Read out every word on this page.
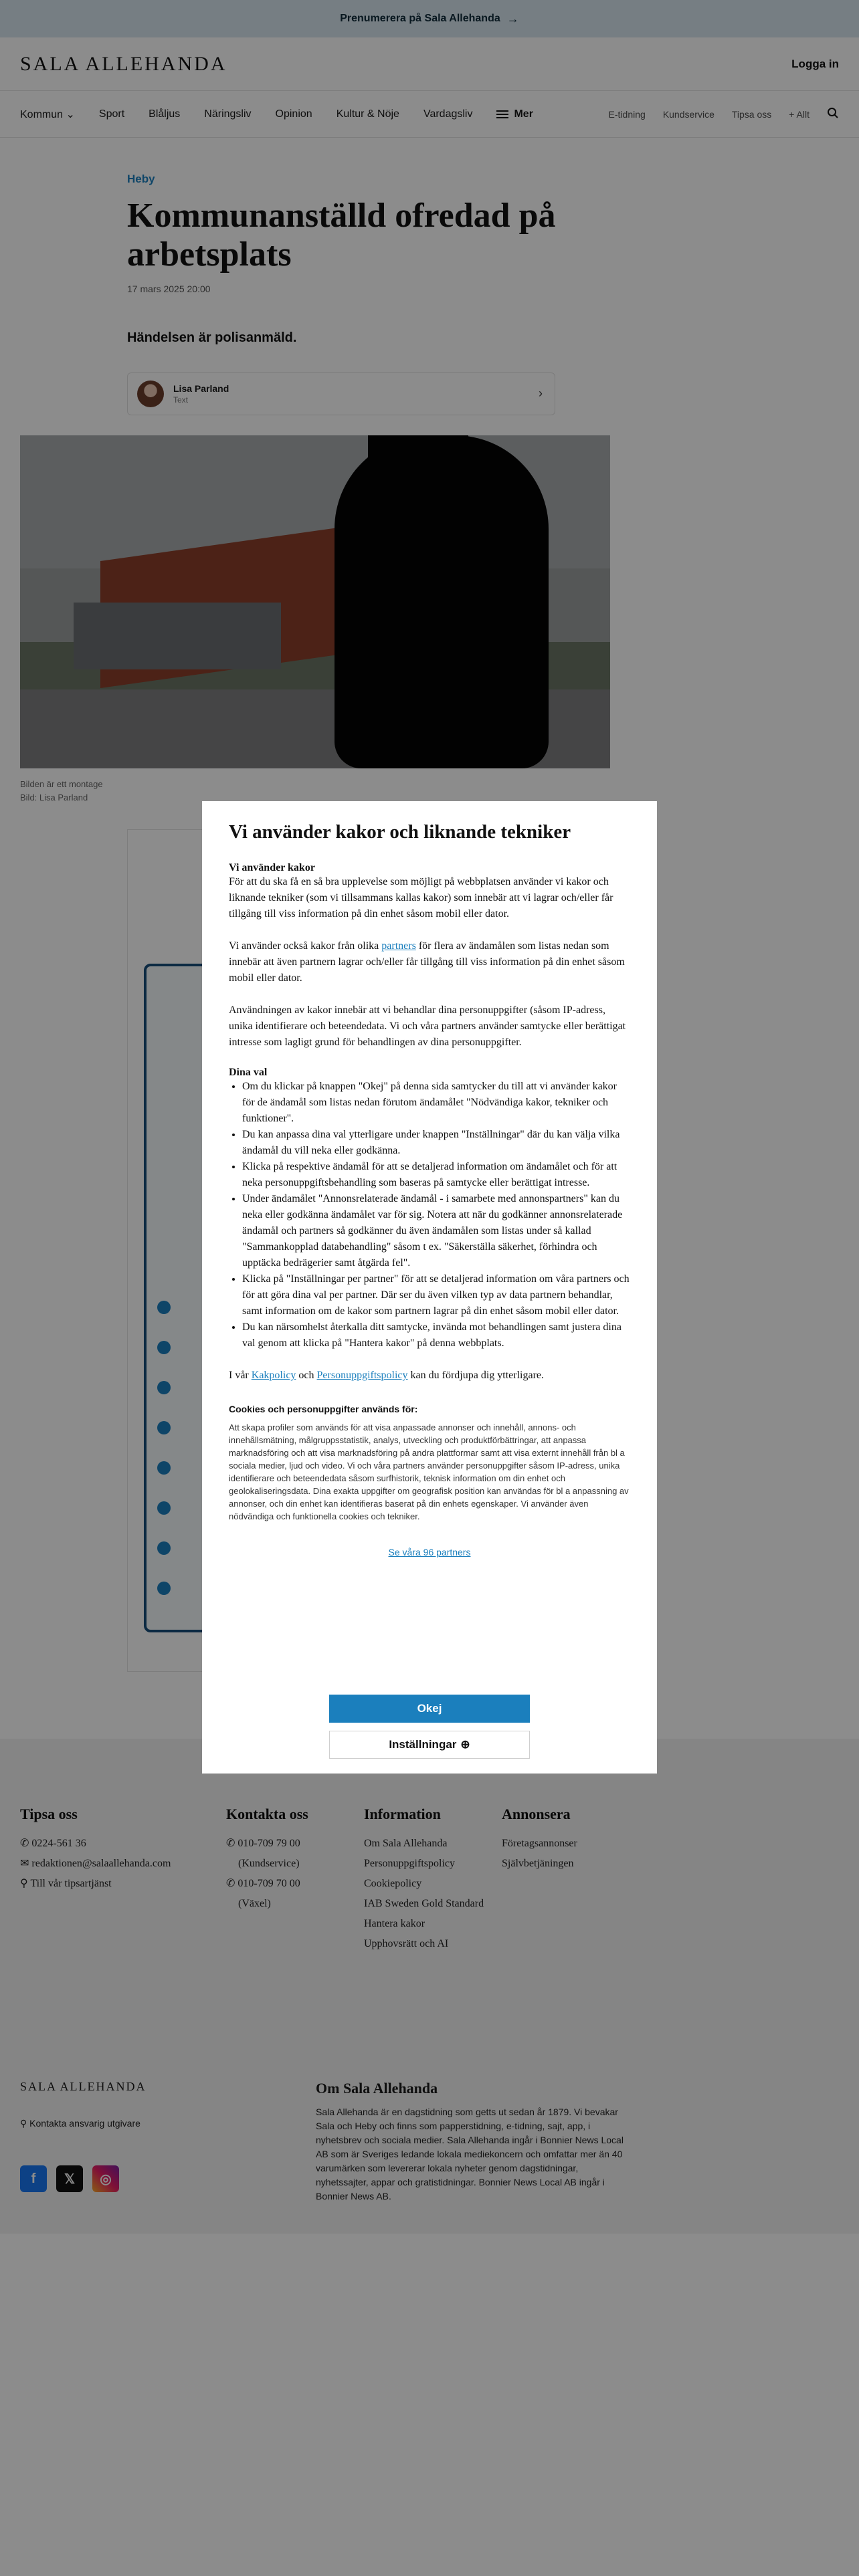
Prenumerera på Sala Allehanda →
SALA ALLEHANDA	Logga in
Kommun ⌄ Sport Blåljus Näringsliv Opinion Kultur & Nöje Vardagsliv	Mer	E-tidning Kundservice Tipsa oss + Allt
Heby
Kommunanställd ofredad på arbetsplats
17 mars 2025 20:00
Händelsen är polisanmäld.
Lisa Parland
Text	›
Bilden är ett montage
Bild: Lisa Parland
Tipsa oss
✆ 0224-561 36
✉ redaktionen@salaallehanda.com
⚲ Till vår tipsartjänst
Kontakta oss
✆ 010-709 79 00
(Kundservice)
✆ 010-709 70 00
(Växel)
Information
Om Sala Allehanda
Personuppgiftspolicy
Cookiepolicy
IAB Sweden Gold Standard
Hantera kakor
Upphovsrätt och AI
Annonsera
Företagsannonser
Självbetjäningen
SALA ALLEHANDA
⚲ Kontakta ansvarig utgivare
f	𝕏	◎
Om Sala Allehanda

Sala Allehanda är en dagstidning som getts ut sedan år 1879. Vi bevakar Sala och Heby och finns som papperstidning, e-tidning, sajt, app, i nyhetsbrev och sociala medier. Sala Allehanda ingår i Bonnier News Local AB som är Sveriges ledande lokala mediekoncern och omfattar mer än 40 varumärken som levererar lokala nyheter genom dagstidningar, nyhetssajter, appar och gratistidningar. Bonnier News Local AB ingår i Bonnier News AB.

Vi använder kakor och liknande tekniker
Vi använder kakor

För att du ska få en så bra upplevelse som möjligt på webbplatsen använder vi kakor och liknande tekniker (som vi tillsammans kallas kakor) som innebär att vi lagrar och/eller får tillgång till viss information på din enhet såsom mobil eller dator.

Vi använder också kakor från olika partners för flera av ändamålen som listas nedan som innebär att även partnern lagrar och/eller får tillgång till viss information på din enhet såsom mobil eller dator.

Användningen av kakor innebär att vi behandlar dina personuppgifter (såsom IP-adress, unika identifierare och beteendedata. Vi och våra partners använder samtycke eller berättigat intresse som lagligt grund för behandlingen av dina personuppgifter.

Dina val
• Om du klickar på knappen "Okej" på denna sida samtycker du till att vi använder kakor för de ändamål som listas nedan förutom ändamålet "Nödvändiga kakor, tekniker och funktioner".
• Du kan anpassa dina val ytterligare under knappen "Inställningar" där du kan välja vilka ändamål du vill neka eller godkänna.
• Klicka på respektive ändamål för att se detaljerad information om ändamålet och för att neka personuppgiftsbehandling som baseras på samtycke eller berättigat intresse.
• Under ändamålet "Annonsrelaterade ändamål - i samarbete med annonspartners" kan du neka eller godkänna ändamålet var för sig. Notera att när du godkänner annonsrelaterade ändamål och partners så godkänner du även ändamålen som listas under så kallad "Sammankopplad databehandling" såsom t ex. "Säkerställa säkerhet, förhindra och upptäcka bedrägerier samt åtgärda fel".
• Klicka på "Inställningar per partner" för att se detaljerad information om våra partners och för att göra dina val per partner. Där ser du även vilken typ av data partnern behandlar, samt information om de kakor som partnern lagrar på din enhet såsom mobil eller dator.
• Du kan närsomhelst återkalla ditt samtycke, invända mot behandlingen samt justera dina val genom att klicka på "Hantera kakor" på denna webbplats.

I vår Kakpolicy och Personuppgiftspolicy kan du fördjupa dig ytterligare.

Cookies och personuppgifter används för:
Att skapa profiler som används för att visa anpassade annonser och innehåll, annons- och innehållsmätning, målgruppsstatistik, analys, utveckling och produktförbättringar, att anpassa marknadsföring och att visa marknadsföring på andra plattformar samt att visa externt innehåll från bl a sociala medier, ljud och video. Vi och våra partners använder personuppgifter såsom IP-adress, unika identifierare och beteendedata såsom surfhistorik, teknisk information om din enhet och geolokaliseringsdata. Dina exakta uppgifter om geografisk position kan användas för bl a anpassning av annonser, och din enhet kan identifieras baserat på din enhets egenskaper. Vi använder även nödvändiga och funktionella cookies och tekniker.
Se våra 96 partners
Okej
Inställningar ⊕
